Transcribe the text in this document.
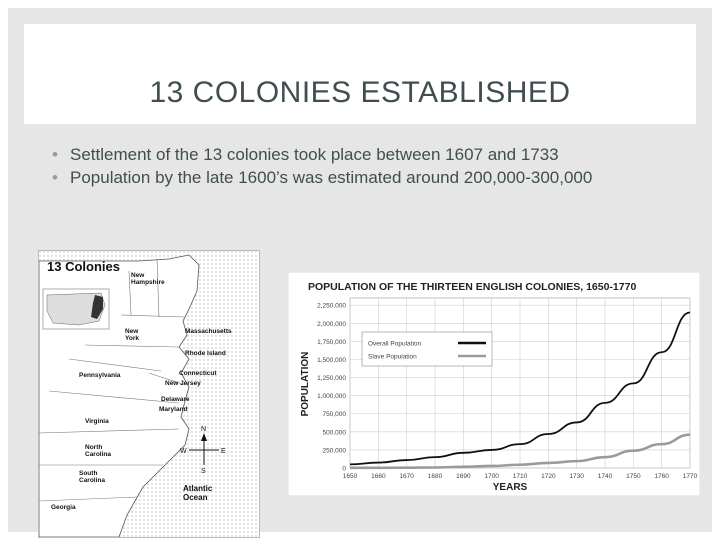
13 COLONIES ESTABLISHED
• Settlement of the 13 colonies took place between 1607 and 1733
• Population by the late 1600’s was estimated around 200,000-300,000
13 Colonies
New Hampshire
New York
Massachusetts
Rhode Island
Pennsylvania	Connecticut
New Jersey
Delaware
Maryland
Virginia
North Carolina
South Carolina
Georgia
Atlantic Ocean
N
S
E
W
POPULATION OF THE THIRTEEN ENGLISH COLONIES, 1650-1770
YEARS
POPULATION
0
250,000
500,000
750,000
1,000,000
1,250,000
1,500,000
1,750,000
2,000,000
2,250,000
1650 1660 1670 1680 1690 1700 1710 1720 1730 1740 1750 1760 1770
Overall Population
Slave Population
